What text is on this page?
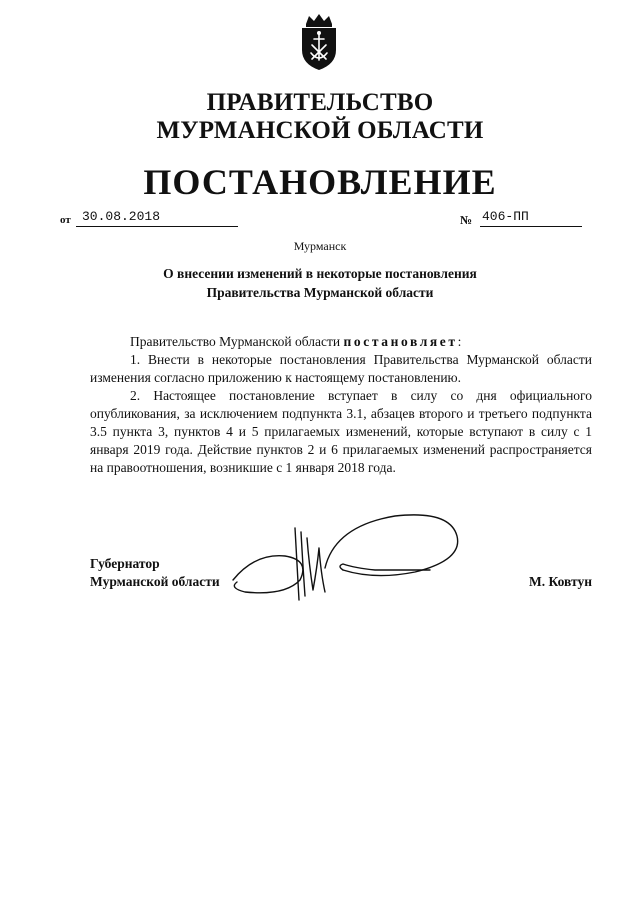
ПРАВИТЕЛЬСТВО
МУРМАНСКОЙ ОБЛАСТИ
ПОСТАНОВЛЕНИЕ
от 30.08.2018	№ 406-ПП
Мурманск
О внесении изменений в некоторые постановления
Правительства Мурманской области

Правительство Мурманской области постановляет:

1. Внести в некоторые постановления Правительства Мурманской области изменения согласно приложению к настоящему постановлению.

2. Настоящее постановление вступает в силу со дня официального опубликования, за исключением подпункта 3.1, абзацев второго и третьего подпункта 3.5 пункта 3, пунктов 4 и 5 прилагаемых изменений, которые вступают в силу с 1 января 2019 года. Действие пунктов 2 и 6 прилагаемых изменений распространяется на правоотношения, возникшие с 1 января 2018 года.

Губернатор
Мурманской области	М. Ковтун
